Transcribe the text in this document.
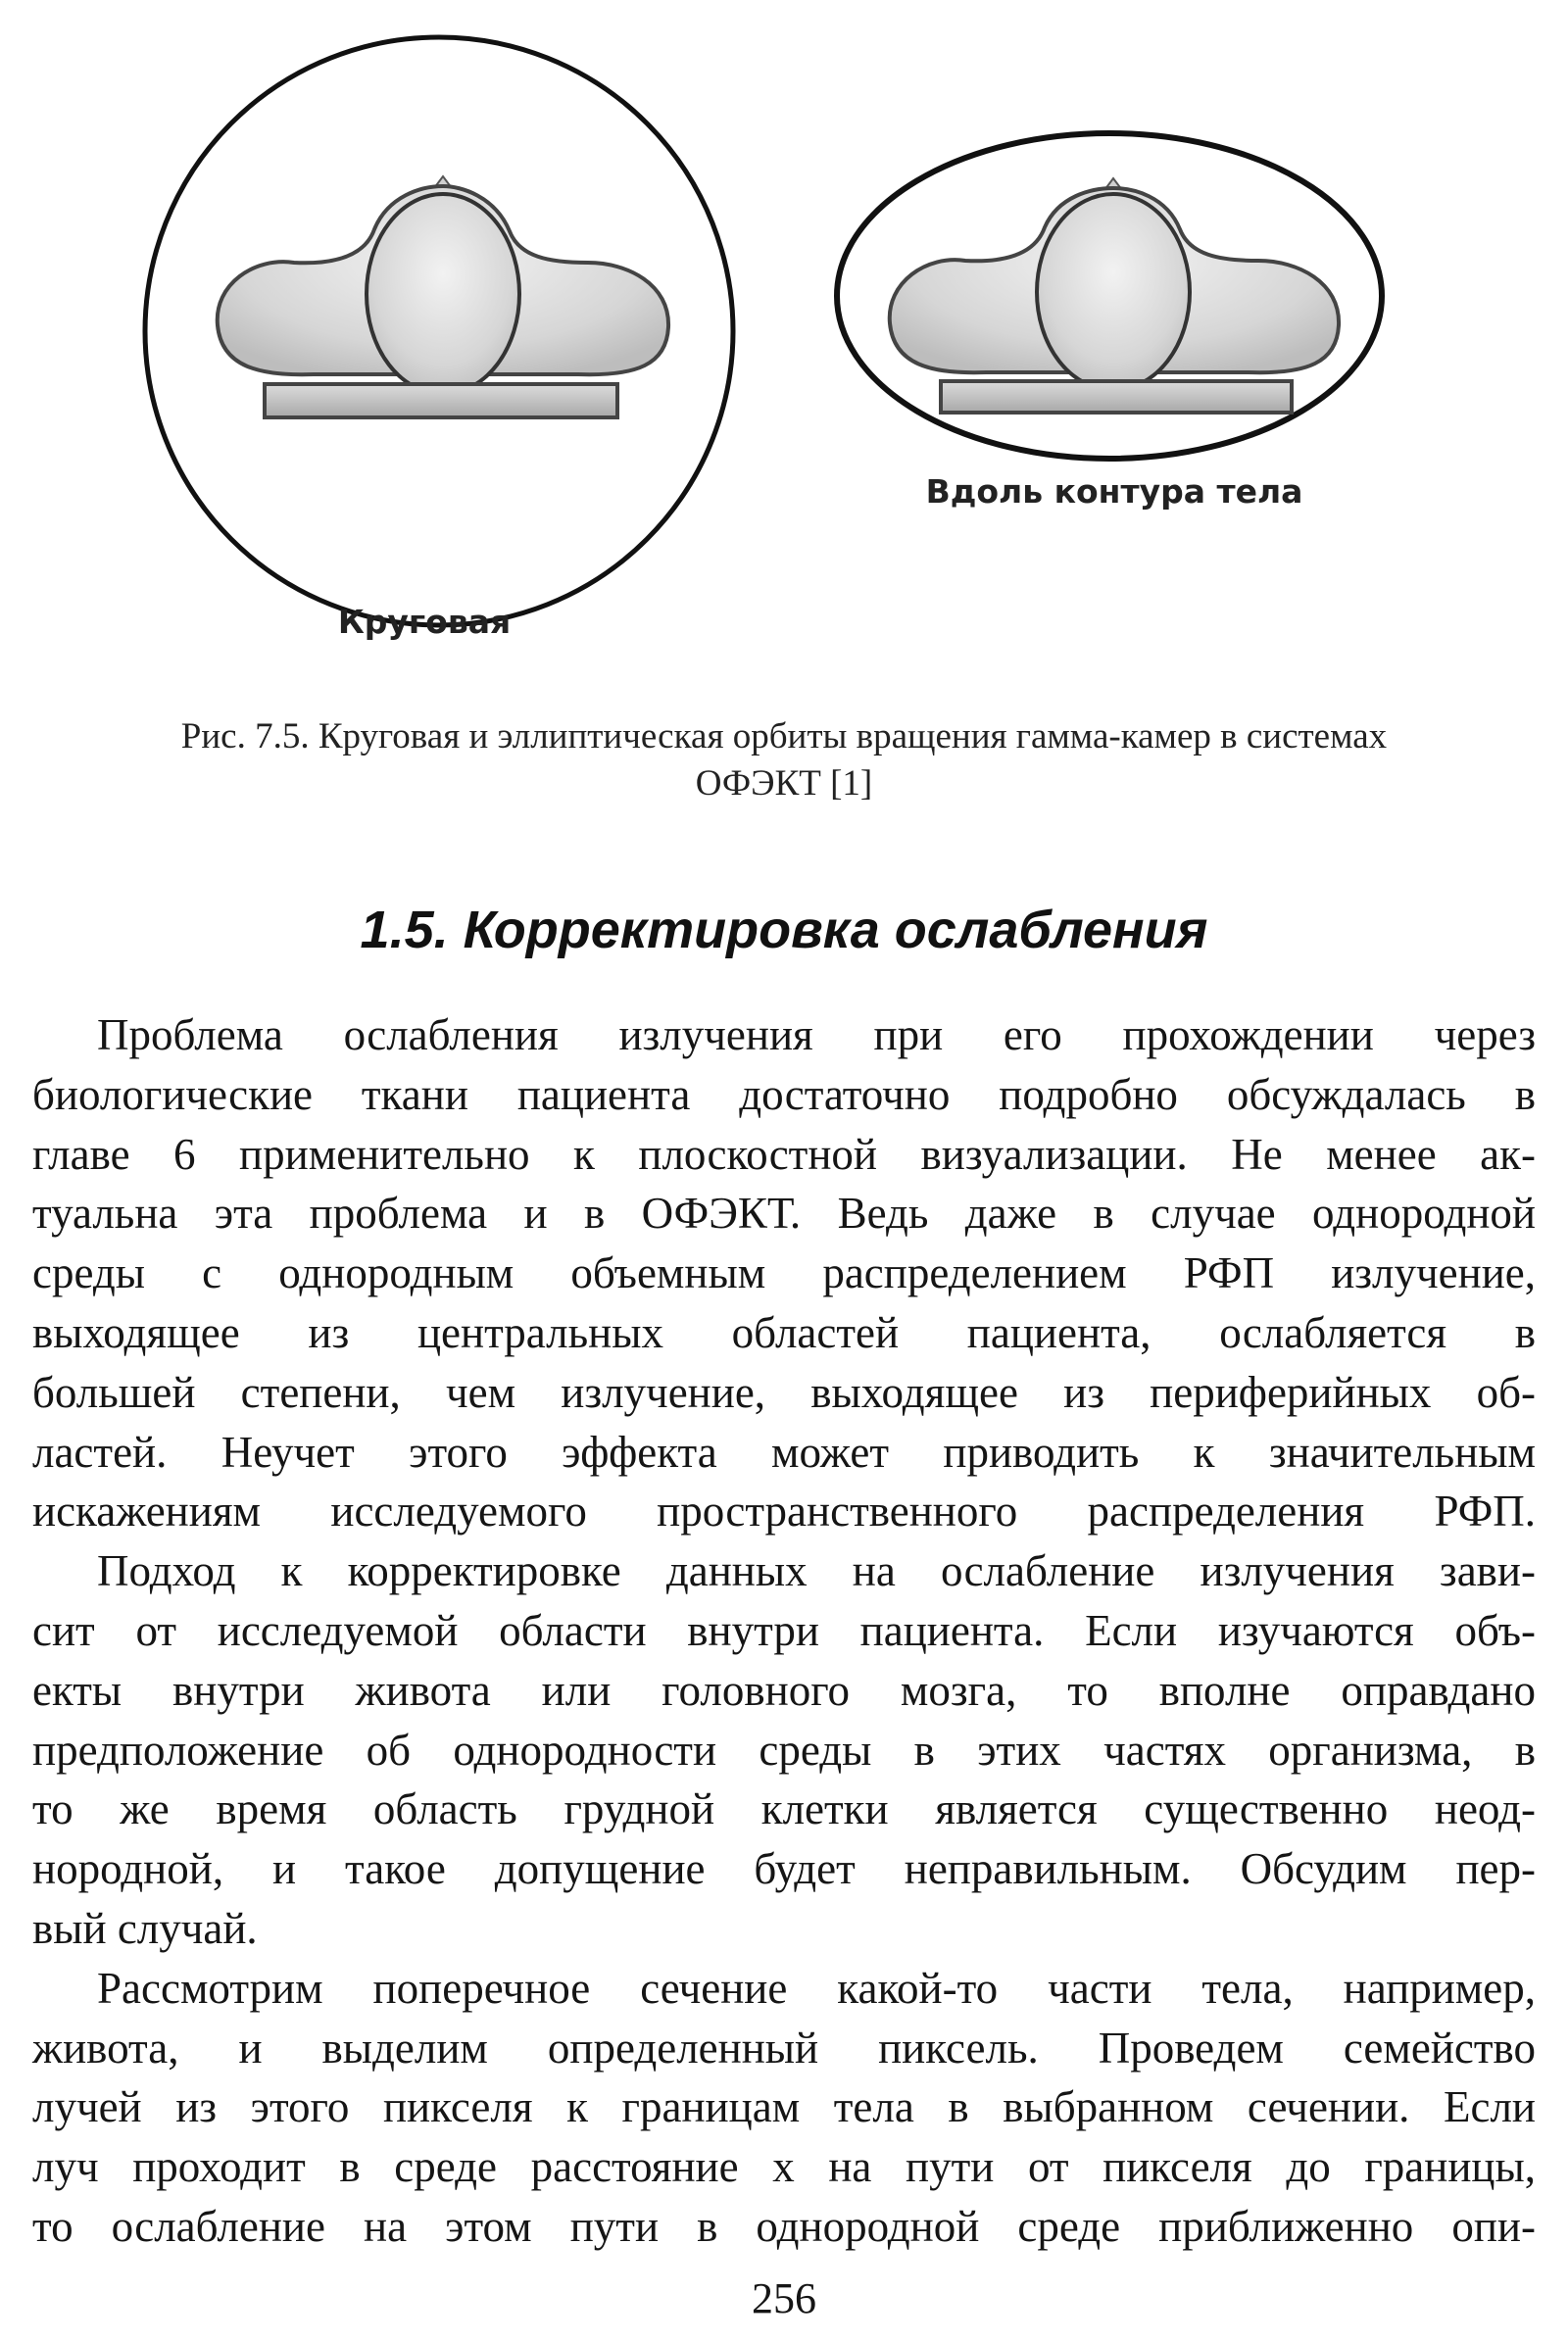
Круговая
Вдоль контура тела
Рис. 7.5. Круговая и эллиптическая орбиты вращения гамма-камер в системах
ОФЭКТ [1]
1.5. Корректировка ослабления

Проблема ослабления излучения при его прохождении через
биологические ткани пациента достаточно подробно обсуждалась в
главе 6 применительно к плоскостной визуализации. Не менее ак-
туальна эта проблема и в ОФЭКТ. Ведь даже в случае однородной
среды с однородным объемным распределением РФП излучение,
выходящее из центральных областей пациента, ослабляется в
большей степени, чем излучение, выходящее из периферийных об-
ластей. Неучет этого эффекта может приводить к значительным
искажениям исследуемого пространственного распределения РФП.

Подход к корректировке данных на ослабление излучения зави-
сит от исследуемой области внутри пациента. Если изучаются объ-
екты внутри живота или головного мозга, то вполне оправдано
предположение об однородности среды в этих частях организма, в
то же время область грудной клетки является существенно неод-
нородной, и такое допущение будет неправильным. Обсудим пер-
вый случай.

Рассмотрим поперечное сечение какой-то части тела, например,
живота, и выделим определенный пиксель. Проведем семейство
лучей из этого пикселя к границам тела в выбранном сечении. Если
луч проходит в среде расстояние x на пути от пикселя до границы,
то ослабление на этом пути в однородной среде приближенно опи-

256
